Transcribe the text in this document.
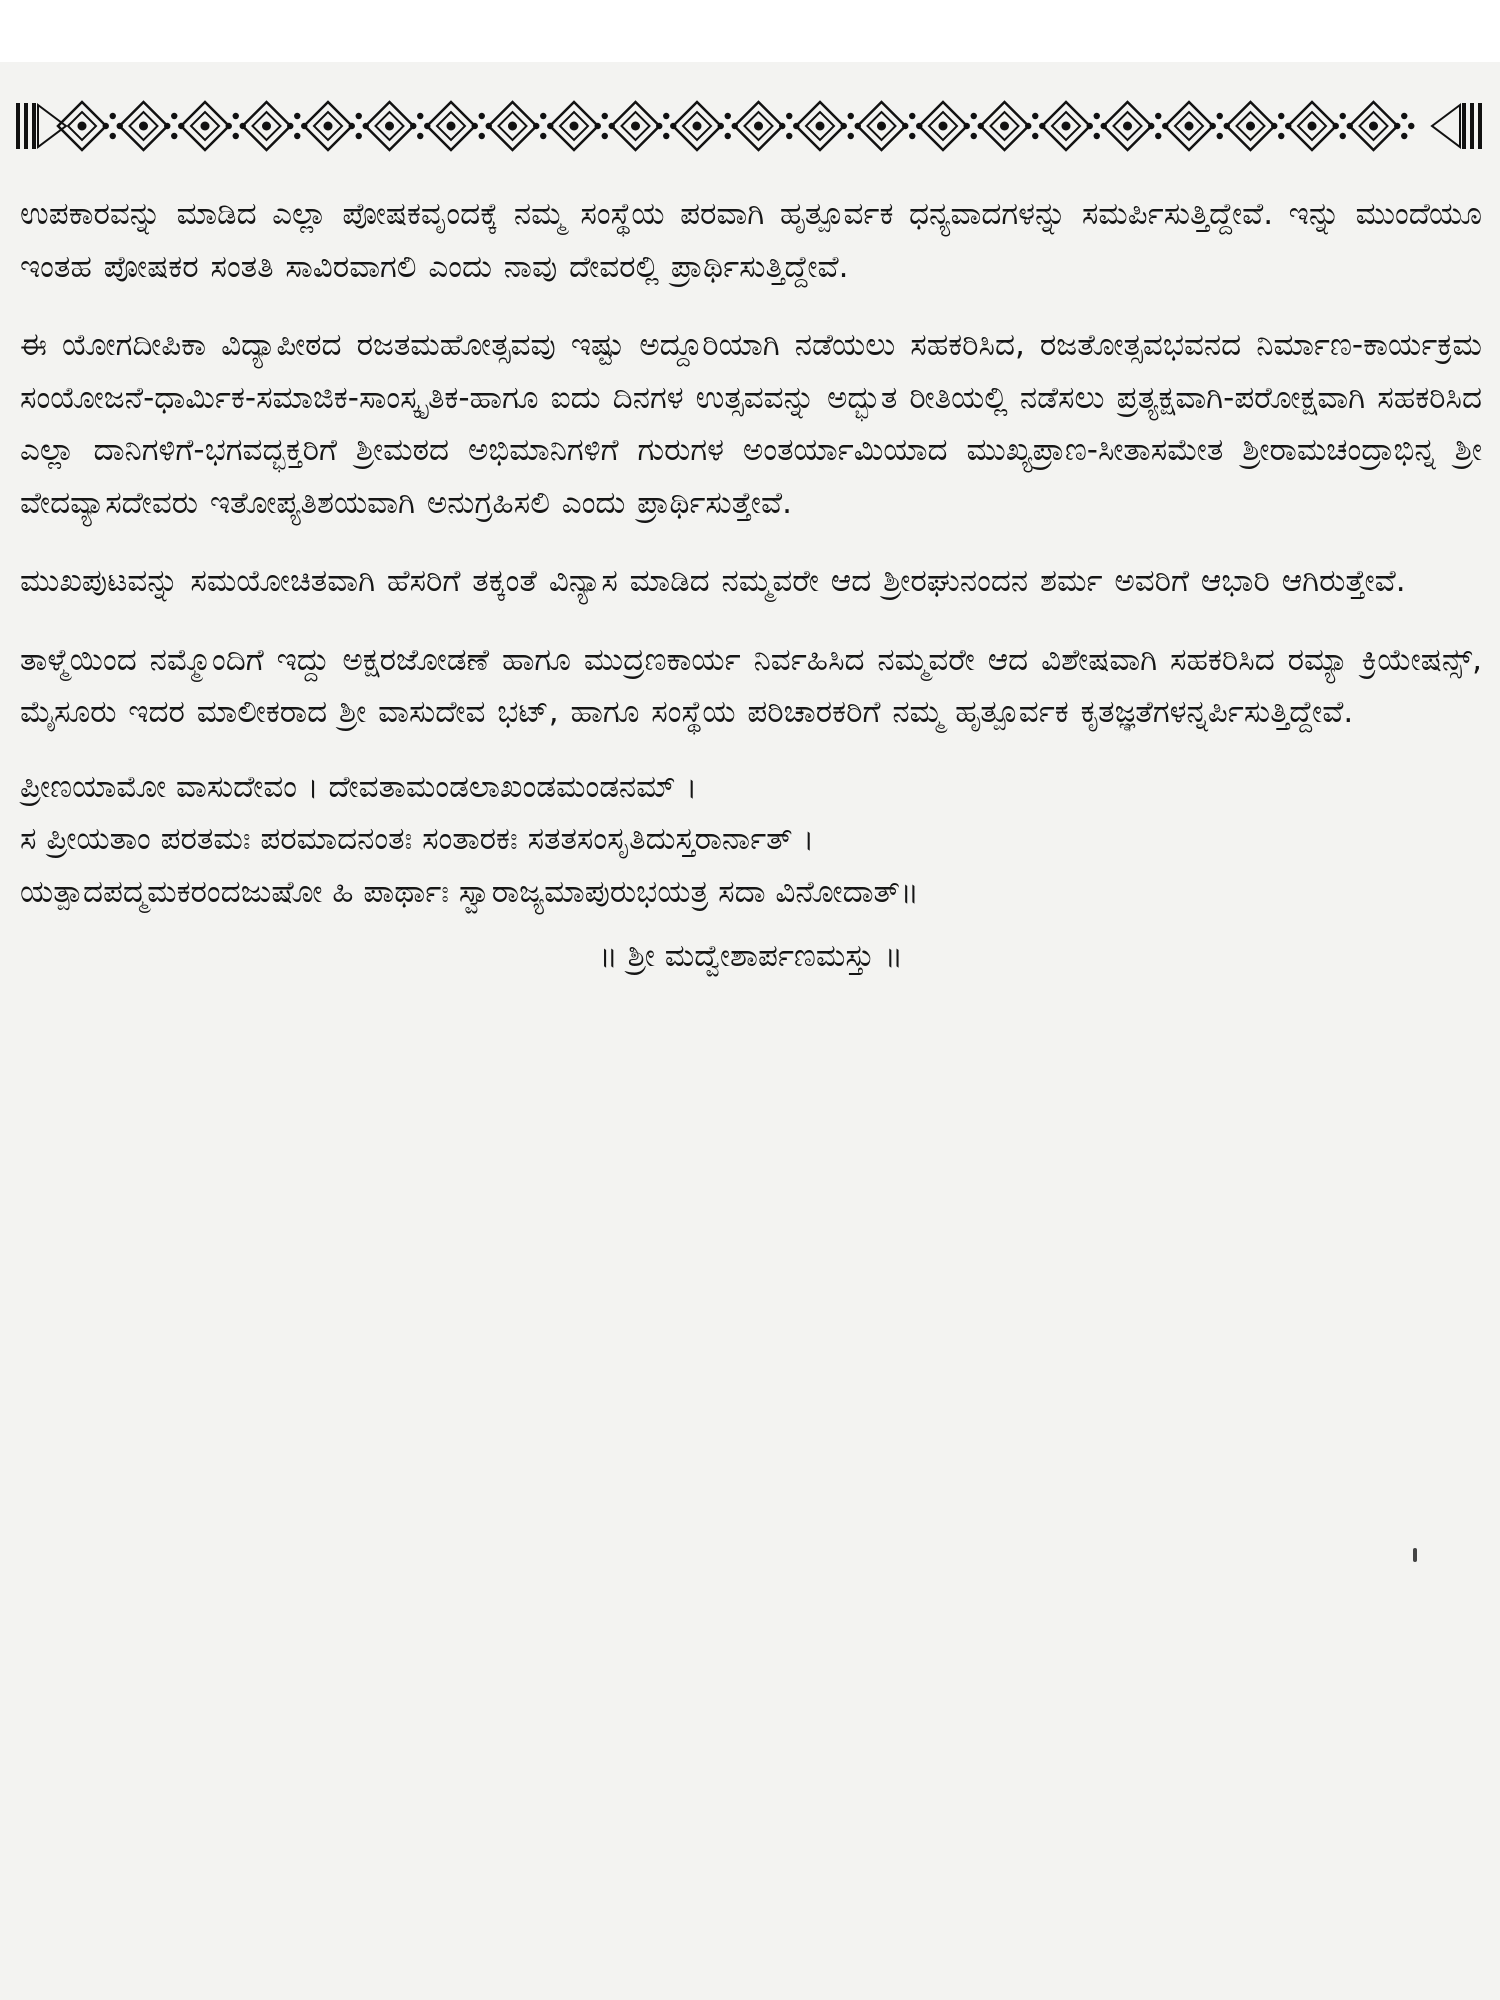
ಉಪಕಾರವನ್ನು ಮಾಡಿದ ಎಲ್ಲಾ ಪೋಷಕವೃಂದಕ್ಕೆ ನಮ್ಮ ಸಂಸ್ಥೆಯ ಪರವಾಗಿ ಹೃತ್ಪೂರ್ವಕ ಧನ್ಯವಾದಗಳನ್ನು ಸಮರ್ಪಿಸುತ್ತಿದ್ದೇವೆ. ಇನ್ನು ಮುಂದೆಯೂ ಇಂತಹ ಪೋಷಕರ ಸಂತತಿ ಸಾವಿರವಾಗಲಿ ಎಂದು ನಾವು ದೇವರಲ್ಲಿ ಪ್ರಾರ್ಥಿಸುತ್ತಿದ್ದೇವೆ.

ಈ ಯೋಗದೀಪಿಕಾ ವಿದ್ಯಾಪೀಠದ ರಜತಮಹೋತ್ಸವವು ಇಷ್ಟು ಅದ್ದೂರಿಯಾಗಿ ನಡೆಯಲು ಸಹಕರಿಸಿದ, ರಜತೋತ್ಸವಭವನದ ನಿರ್ಮಾಣ-ಕಾರ್ಯಕ್ರಮ ಸಂಯೋಜನೆ-ಧಾರ್ಮಿಕ-ಸಮಾಜಿಕ-ಸಾಂಸ್ಕೃತಿಕ-ಹಾಗೂ ಐದು ದಿನಗಳ ಉತ್ಸವವನ್ನು ಅದ್ಭುತ ರೀತಿಯಲ್ಲಿ ನಡೆಸಲು ಪ್ರತ್ಯಕ್ಷವಾಗಿ-ಪರೋಕ್ಷವಾಗಿ ಸಹಕರಿಸಿದ ಎಲ್ಲಾ ದಾನಿಗಳಿಗೆ-ಭಗವದ್ಭಕ್ತರಿಗೆ ಶ್ರೀಮಠದ ಅಭಿಮಾನಿಗಳಿಗೆ ಗುರುಗಳ ಅಂತರ್ಯಾಮಿಯಾದ ಮುಖ್ಯಪ್ರಾಣ-ಸೀತಾಸಮೇತ ಶ್ರೀರಾಮಚಂದ್ರಾಭಿನ್ನ ಶ್ರೀ ವೇದವ್ಯಾಸದೇವರು ಇತೋಪ್ಯತಿಶಯವಾಗಿ ಅನುಗ್ರಹಿಸಲಿ ಎಂದು ಪ್ರಾರ್ಥಿಸುತ್ತೇವೆ.

ಮುಖಪುಟವನ್ನು ಸಮಯೋಚಿತವಾಗಿ ಹೆಸರಿಗೆ ತಕ್ಕಂತೆ ವಿನ್ಯಾಸ ಮಾಡಿದ ನಮ್ಮವರೇ ಆದ ಶ್ರೀರಘುನಂದನ ಶರ್ಮ ಅವರಿಗೆ ಆಭಾರಿ ಆಗಿರುತ್ತೇವೆ.

ತಾಳ್ಮೆಯಿಂದ ನಮ್ಮೊಂದಿಗೆ ಇದ್ದು ಅಕ್ಷರಜೋಡಣೆ ಹಾಗೂ ಮುದ್ರಣಕಾರ್ಯ ನಿರ್ವಹಿಸಿದ ನಮ್ಮವರೇ ಆದ ವಿಶೇಷವಾಗಿ ಸಹಕರಿಸಿದ ರಮ್ಯಾ ಕ್ರಿಯೇಷನ್ಸ್, ಮೈಸೂರು ಇದರ ಮಾಲೀಕರಾದ ಶ್ರೀ ವಾಸುದೇವ ಭಟ್, ಹಾಗೂ ಸಂಸ್ಥೆಯ ಪರಿಚಾರಕರಿಗೆ ನಮ್ಮ ಹೃತ್ಪೂರ್ವಕ ಕೃತಜ್ಞತೆಗಳನ್ನರ್ಪಿಸುತ್ತಿದ್ದೇವೆ.

ಪ್ರೀಣಯಾಮೋ ವಾಸುದೇವಂ । ದೇವತಾಮಂಡಲಾಖಂಡಮಂಡನಮ್ ।

ಸ ಪ್ರೀಯತಾಂ ಪರತಮಃ ಪರಮಾದನಂತಃ ಸಂತಾರಕಃ ಸತತಸಂಸೃತಿದುಸ್ತರಾರ್ನಾತ್ ।

ಯತ್ಪಾದಪದ್ಮಮಕರಂದಜುಷೋ ಹಿ ಪಾರ್ಥಾಃ ಸ್ವಾರಾಜ್ಯಮಾಪುರುಭಯತ್ರ ಸದಾ ವಿನೋದಾತ್॥

॥ ಶ್ರೀ ಮದ್ವೇಶಾರ್ಪಣಮಸ್ತು ॥
